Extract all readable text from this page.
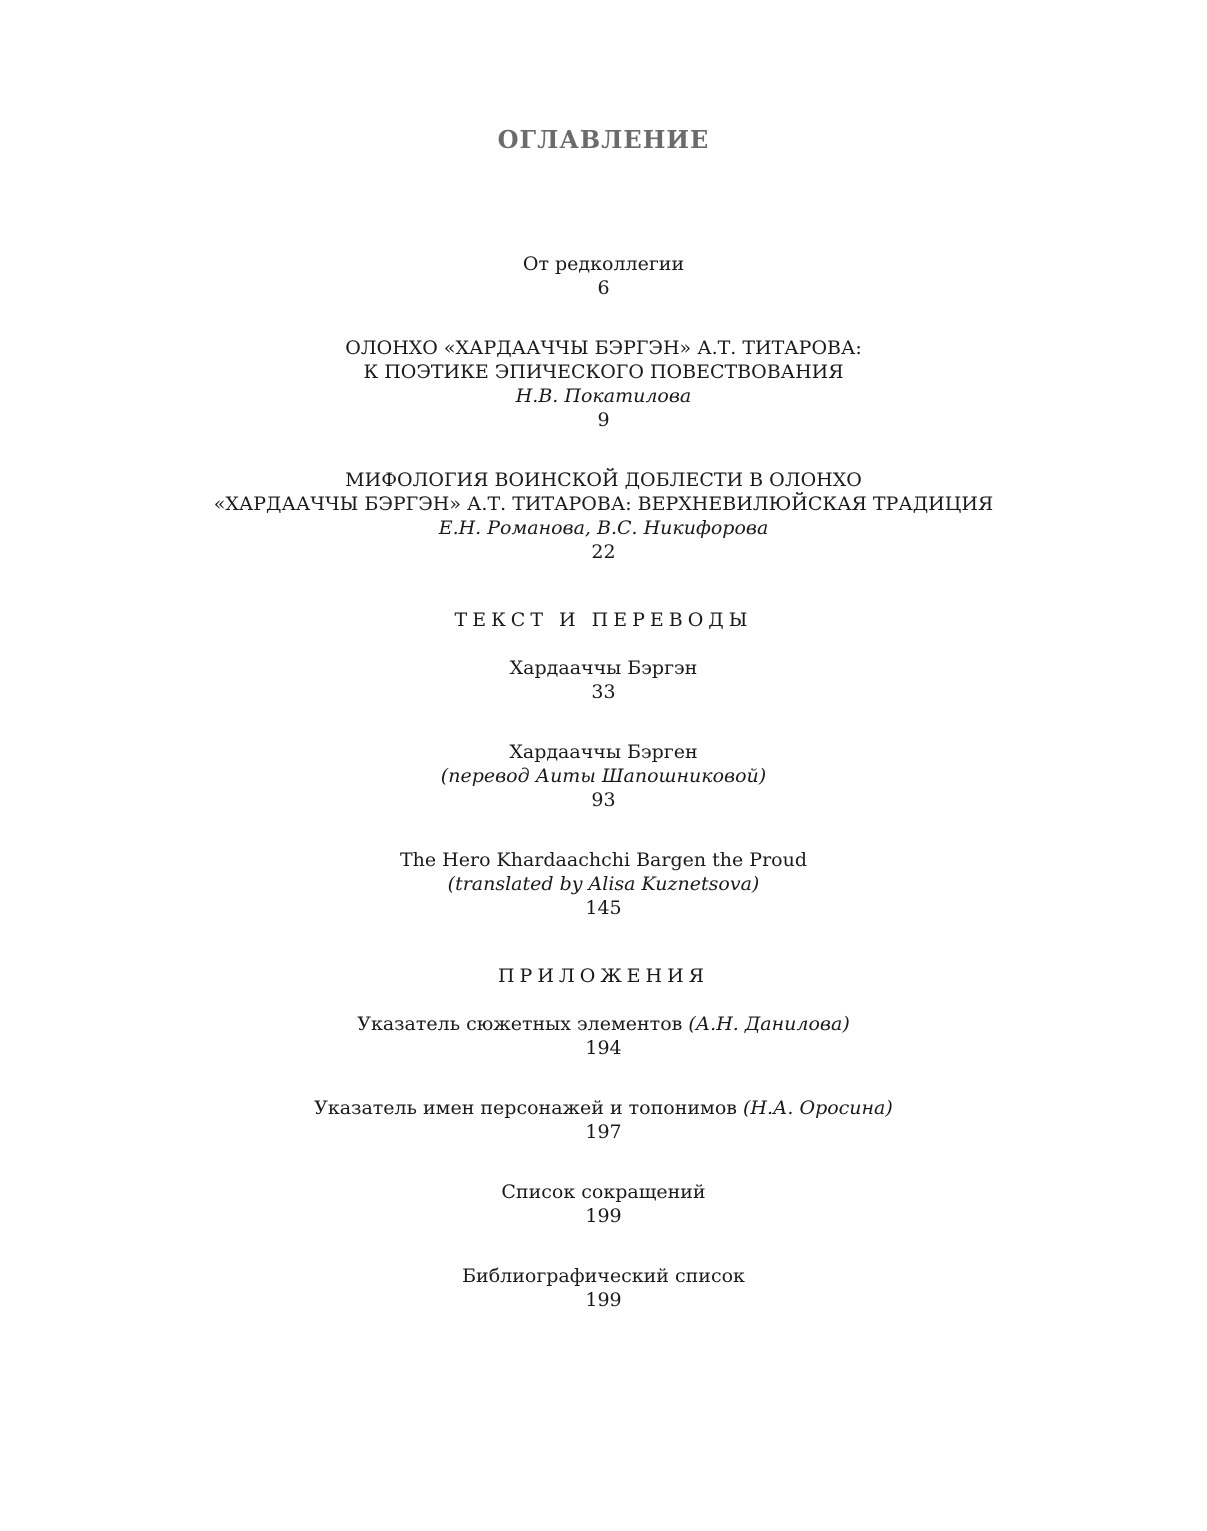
ОГЛАВЛЕНИЕ
От редколлегии
6
ОЛОНХО «ХАРДААЧЧЫ БЭРГЭН» А.Т. ТИТАРОВА:
К ПОЭТИКЕ ЭПИЧЕСКОГО ПОВЕСТВОВАНИЯ
Н.В. Покатилова
9
МИФОЛОГИЯ ВОИНСКОЙ ДОБЛЕСТИ В ОЛОНХО
«ХАРДААЧЧЫ БЭРГЭН» А.Т. ТИТАРОВА: ВЕРХНЕВИЛЮЙСКАЯ ТРАДИЦИЯ
Е.Н. Романова, В.С. Никифорова
22
ТЕКСТ И ПЕРЕВОДЫ
Хардааччы Бэргэн
33
Хардааччы Бэрген
(перевод Аиты Шапошниковой)
93
The Hero Khardaachchi Bargen the Proud
(translated by Alisa Kuznetsova)
145
ПРИЛОЖЕНИЯ
Указатель сюжетных элементов (А.Н. Данилова)
194
Указатель имен персонажей и топонимов (Н.А. Оросина)
197
Список сокращений
199
Библиографический список
199
